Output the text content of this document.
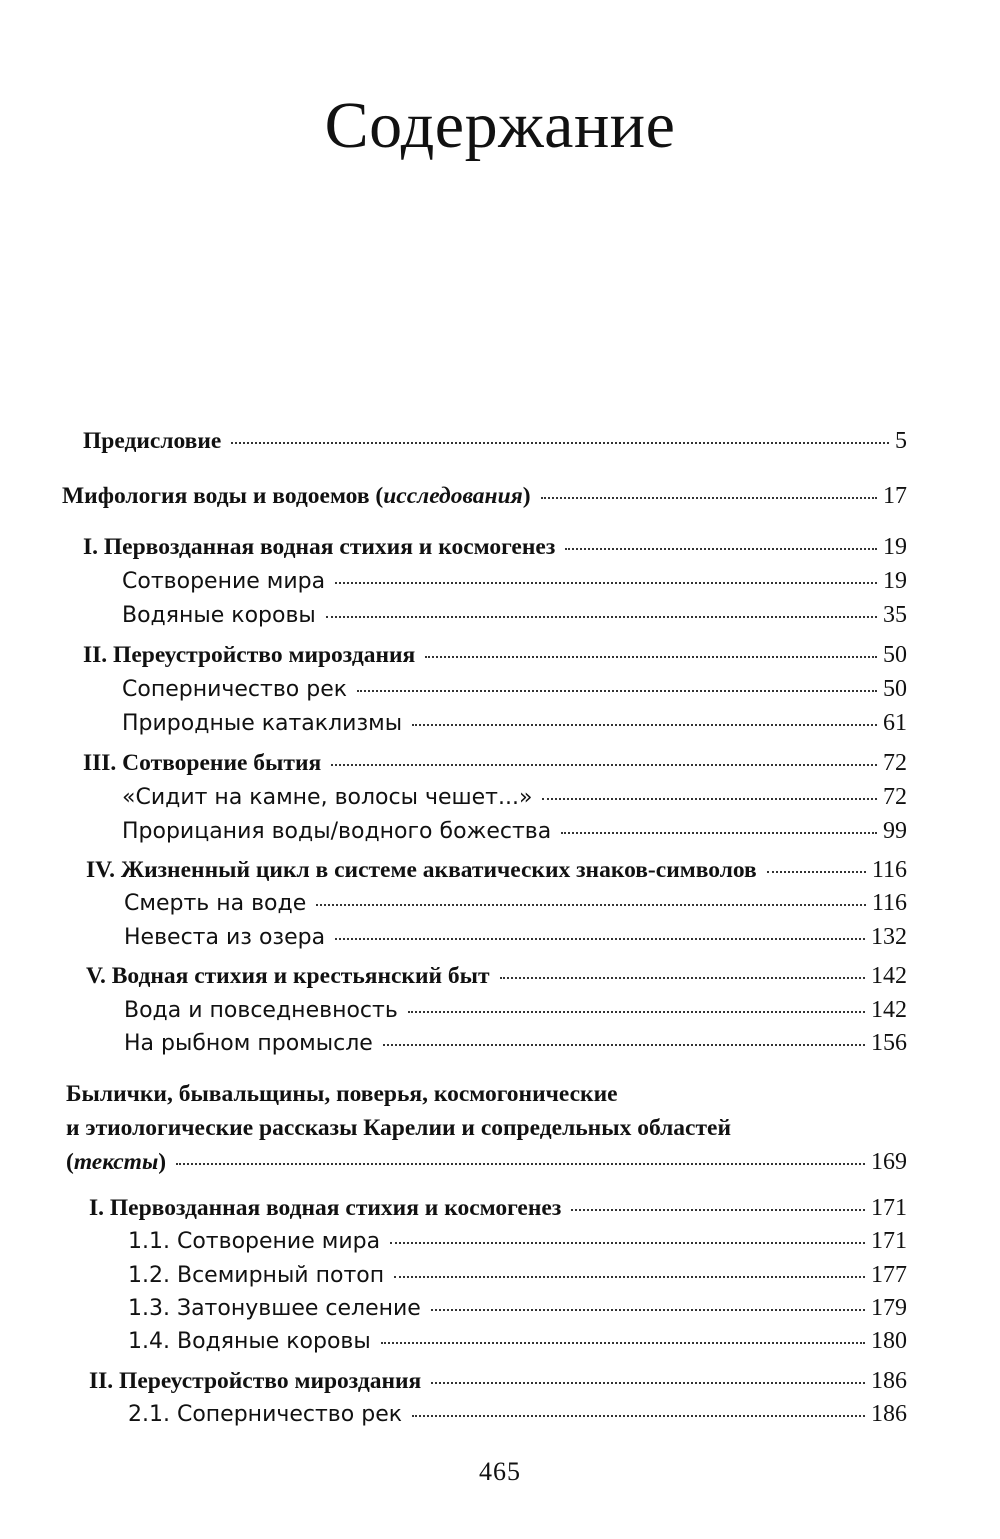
Содержание
Предисловие	5
Мифология воды и водоемов (исследования)	17
I. Первозданная водная стихия и космогенез	19
Сотворение мира	19
Водяные коровы	35
II. Переустройство мироздания	50
Соперничество рек	50
Природные катаклизмы	61
III. Сотворение бытия	72
«Сидит на камне, волосы чешет...»	72
Прорицания воды/водного божества	99
IV. Жизненный цикл в системе акватических знаков-символов	116
Смерть на воде	116
Невеста из озера	132
V. Водная стихия и крестьянский быт	142
Вода и повседневность	142
На рыбном промысле	156
Былички, бывальщины, поверья, космогонические
и этиологические рассказы Карелии и сопредельных областей
(тексты)	169
I. Первозданная водная стихия и космогенез	171
1.1. Сотворение мира	171
1.2. Всемирный потоп	177
1.3. Затонувшее селение	179
1.4. Водяные коровы	180
II. Переустройство мироздания	186
2.1. Соперничество рек	186
465
